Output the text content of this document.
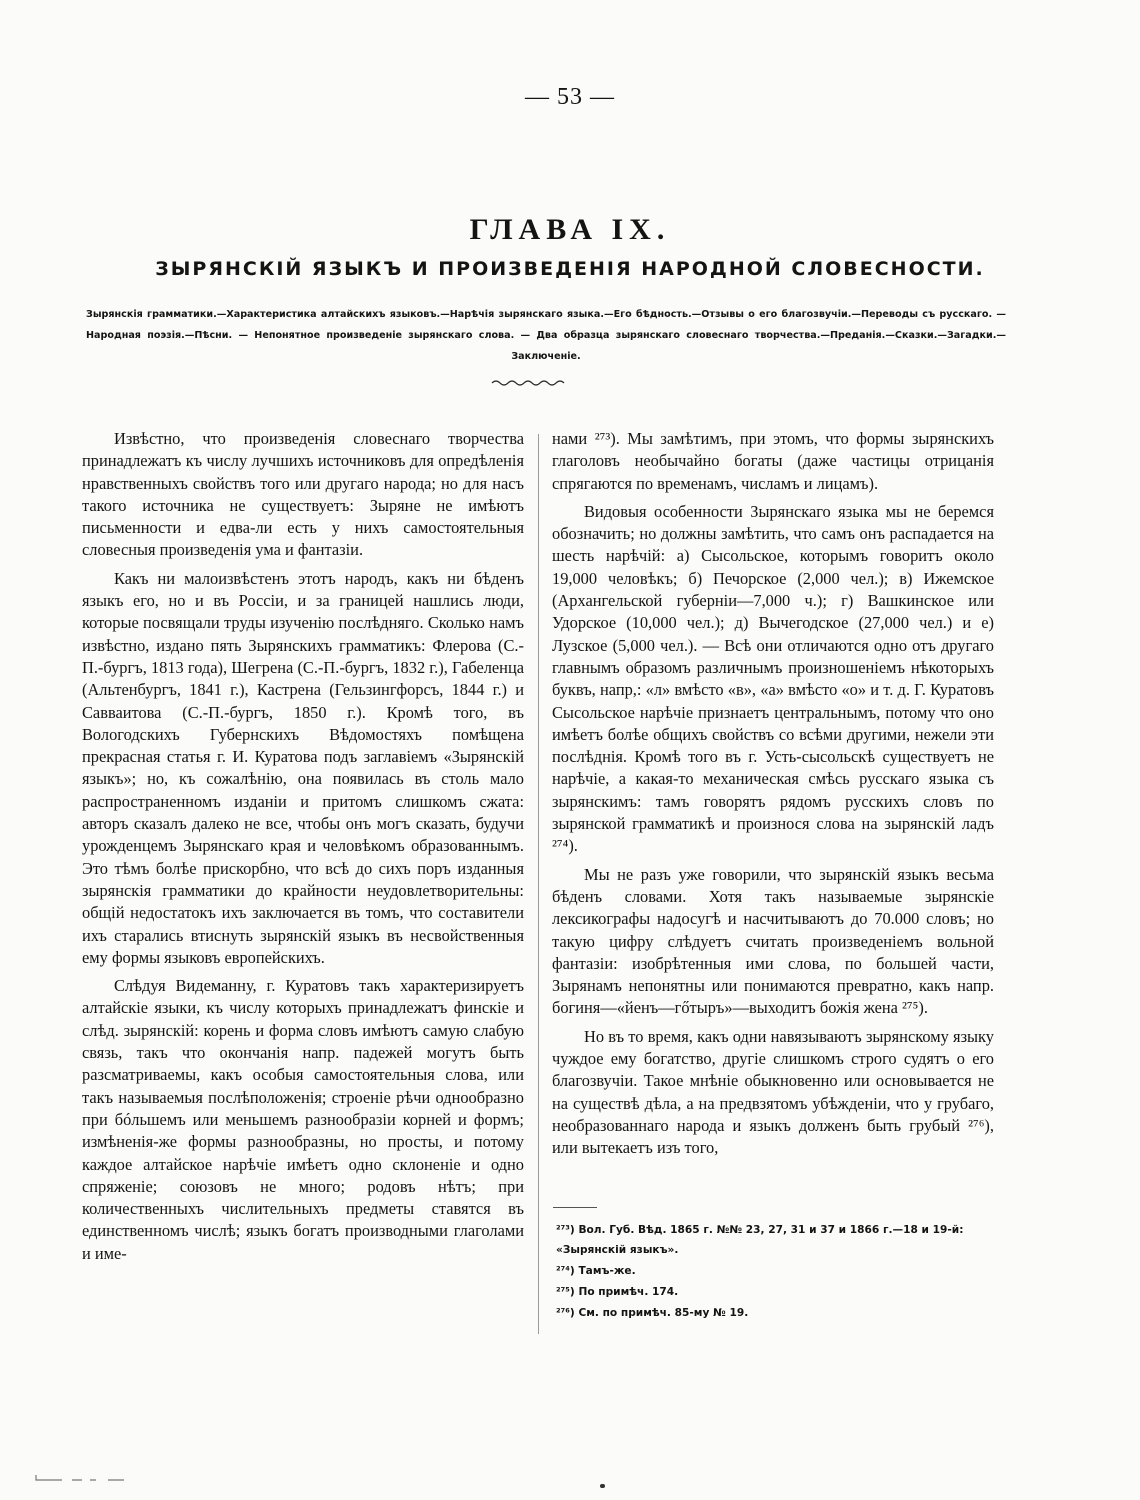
— 53 —
ГЛАВА IX.
ЗЫРЯНСКІЙ ЯЗЫКЪ И ПРОИЗВЕДЕНІЯ НАРОДНОЙ СЛОВЕСНОСТИ.
Зырянскія грамматики.—Характеристика алтайскихъ языковъ.—Нарѣчія зырянскаго языка.—Его бѣдность.—Отзывы о его благозвучіи.—Переводы съ русскаго. — Народная поэзія.—Пѣсни. — Непонятное произведеніе зырянскаго слова. — Два образца зырянскаго словеснаго творчества.—Преданія.—Сказки.—Загадки.—Заключеніе.

Извѣстно, что произведенія словеснаго творчества принадлежатъ къ числу лучшихъ источниковъ для опредѣленія нравственныхъ свойствъ того или другаго народа; но для насъ такого источника не существуетъ: Зыряне не имѣютъ письменности и едва-ли есть у нихъ самостоятельныя словесныя произведенія ума и фантазіи.

Какъ ни малоизвѣстенъ этотъ народъ, какъ ни бѣденъ языкъ его, но и въ Россіи, и за границей нашлись люди, которые посвящали труды изученію послѣдняго. Сколько намъ извѣстно, издано пять Зырянскихъ грамматикъ: Флерова (С.-П.-бургъ, 1813 года), Шегрена (С.-П.-бургъ, 1832 г.), Габеленца (Альтенбургъ, 1841 г.), Кастрена (Гельзингфорсъ, 1844 г.) и Савваитова (С.-П.-бургъ, 1850 г.). Кромѣ того, въ Вологодскихъ Губернскихъ Вѣдомостяхъ помѣщена прекрасная статья г. И. Куратова подъ заглавіемъ «Зырянскій языкъ»; но, къ сожалѣнію, она появилась въ столь мало распространенномъ изданіи и притомъ слишкомъ сжата: авторъ сказалъ далеко не все, чтобы онъ могъ сказать, будучи урожденцемъ Зырянскаго края и человѣкомъ образованнымъ. Это тѣмъ болѣе прискорбно, что всѣ до сихъ поръ изданныя зырянскія грамматики до крайности неудовлетворительны: общій недостатокъ ихъ заключается въ томъ, что составители ихъ старались втиснуть зырянскій языкъ въ несвойственныя ему формы языковъ европейскихъ.

Слѣдуя Видеманну, г. Куратовъ такъ характеризируетъ алтайскіе языки, къ числу которыхъ принадлежатъ финскіе и слѣд. зырянскій: корень и форма словъ имѣютъ самую слабую связь, такъ что окончанія напр. падежей могутъ быть разсматриваемы, какъ особыя самостоятельныя слова, или такъ называемыя послѣположенія; строеніе рѣчи однообразно при бóльшемъ или меньшемъ разнообразіи корней и формъ; измѣненія-же формы разнообразны, но просты, и потому каждое алтайское нарѣчіе имѣетъ одно склоненіе и одно спряженіе; союзовъ не много; родовъ нѣтъ; при количественныхъ числительныхъ предметы ставятся въ единственномъ числѣ; языкъ богатъ производными глаголами и име-

нами ²⁷³). Мы замѣтимъ, при этомъ, что формы зырянскихъ глаголовъ необычайно богаты (даже частицы отрицанія спрягаются по временамъ, числамъ и лицамъ).

Видовыя особенности Зырянскаго языка мы не беремся обозначить; но должны замѣтить, что самъ онъ распадается на шесть нарѣчій: а) Сысольское, которымъ говоритъ около 19,000 человѣкъ; б) Печорское (2,000 чел.); в) Ижемское (Архангельской губерніи—7,000 ч.); г) Вашкинское или Удорское (10,000 чел.); д) Вычегодское (27,000 чел.) и е) Лузское (5,000 чел.). — Всѣ они отличаются одно отъ другаго главнымъ образомъ различнымъ произношеніемъ нѣкоторыхъ буквъ, напр,: «л» вмѣсто «в», «а» вмѣсто «о» и т. д. Г. Куратовъ Сысольское нарѣчіе признаетъ центральнымъ, потому что оно имѣетъ болѣе общихъ свойствъ со всѣми другими, нежели эти послѣднія. Кромѣ того въ г. Усть-сысольскѣ существуетъ не нарѣчіе, а какая-то механическая смѣсь русскаго языка съ зырянскимъ: тамъ говорятъ рядомъ русскихъ словъ по зырянской грамматикѣ и произнося слова на зырянскій ладъ ²⁷⁴).

Мы не разъ уже говорили, что зырянскій языкъ весьма бѣденъ словами. Хотя такъ называемые зырянскіе лексикографы надосугѣ и насчитываютъ до 70.000 словъ; но такую цифру слѣдуетъ считать произведеніемъ вольной фантазіи: изобрѣтенныя ими слова, по большей части, Зырянамъ непонятны или понимаются превратно, какъ напр. богиня—«йенъ—гőтыръ»—выходитъ божія жена ²⁷⁵).

Но въ то время, какъ одни навязываютъ зырянскому языку чуждое ему богатство, другіе слишкомъ строго судятъ о его благозвучіи. Такое мнѣніе обыкновенно или основывается не на существѣ дѣла, а на предвзятомъ убѣжденіи, что у грубаго, необразованнаго народа и языкъ долженъ быть грубый ²⁷⁶), или вытекаетъ изъ того,

²⁷³) Вол. Губ. Вѣд. 1865 г. №№ 23, 27, 31 и 37 и 1866 г.—18 и 19-й: «Зырянскій языкъ».

²⁷⁴) Тамъ-же.

²⁷⁵) По примѣч. 174.

²⁷⁶) См. по примѣч. 85-му № 19.
